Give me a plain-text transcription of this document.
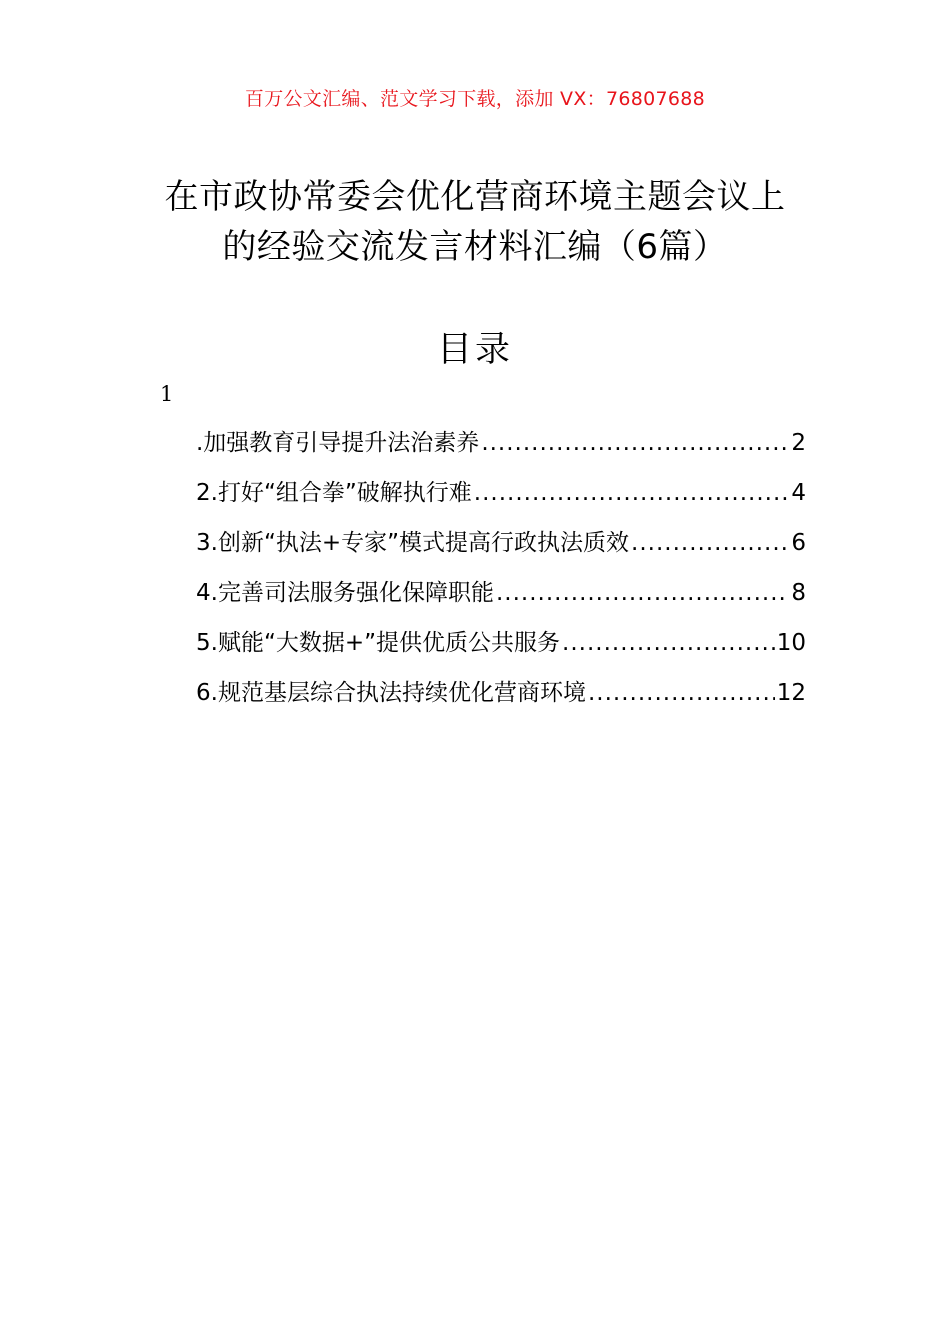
百万公文汇编、范文学习下载，添加 VX：76807688
在市政协常委会优化营商环境主题会议上的经验交流发言材料汇编（6篇）
目录
1
.加强教育引导提升法治素养 .....	2
2.打好“组合拳”破解执行难 .....	4
3.创新“执法+专家”模式提高行政执法质效 .....	6
4.完善司法服务强化保障职能 .....	8
5.赋能“大数据+”提供优质公共服务 .....	10
6.规范基层综合执法持续优化营商环境 .....	12
